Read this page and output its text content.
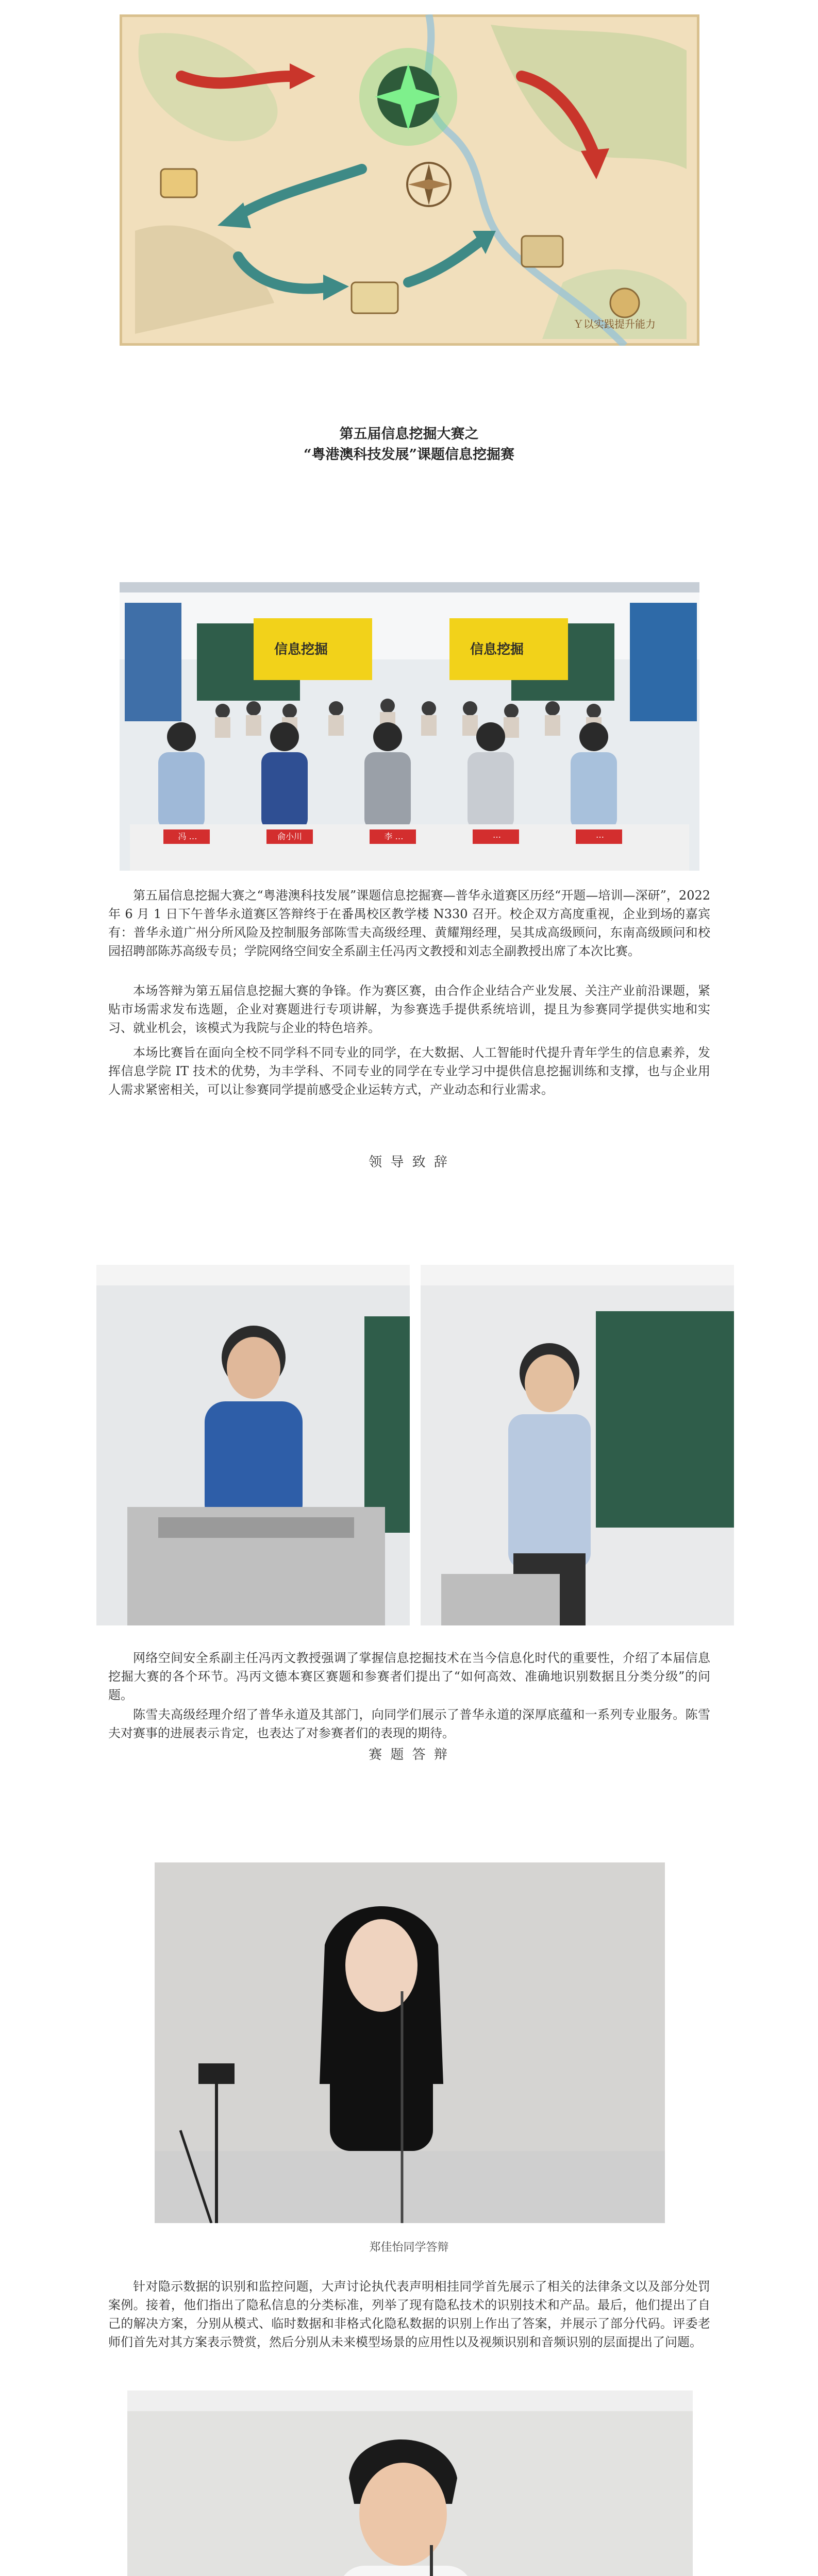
Ｙ以实践提升能力
第五届信息挖掘大赛之
“粤港澳科技发展”课题信息挖掘赛
信息挖掘	信息挖掘
冯 …	俞小川	李 …	…	…
第五届信息挖掘大赛之“粤港澳科技发展”课题信息挖掘赛—普华永道赛区历经“开题—培训—深研”，2022 年 6 月 1 日下午普华永道赛区答辩终于在番禺校区教学楼 N330 召开。校企双方高度重视，企业到场的嘉宾有：普华永道广州分所风险及控制服务部陈雪夫高级经理、黄耀翔经理，吴其成高级顾问，东南高级顾问和校园招聘部陈苏高级专员；学院网络空间安全系副主任冯丙文教授和刘志全副教授出席了本次比赛。
本场答辩为第五届信息挖掘大赛的争锋。作为赛区赛，由合作企业结合产业发展、关注产业前沿课题，紧贴市场需求发布选题，企业对赛题进行专项讲解，为参赛选手提供系统培训，提且为参赛同学提供实地和实习、就业机会，该模式为我院与企业的特色培养。
本场比赛旨在面向全校不同学科不同专业的同学，在大数据、人工智能时代提升青年学生的信息素养，发挥信息学院 IT 技术的优势，为丰学科、不同专业的同学在专业学习中提供信息挖掘训练和支撑，也与企业用人需求紧密相关，可以让参赛同学提前感受企业运转方式，产业动态和行业需求。
领 导 致 辞
网络空间安全系副主任冯丙文教授强调了掌握信息挖掘技术在当今信息化时代的重要性，介绍了本届信息挖掘大赛的各个环节。冯丙文德本赛区赛题和参赛者们提出了“如何高效、准确地识别数据且分类分级”的问题。
陈雪夫高级经理介绍了普华永道及其部门，向同学们展示了普华永道的深厚底蕴和一系列专业服务。陈雪夫对赛事的进展表示肯定，也表达了对参赛者们的表现的期待。
赛 题 答 辩
郑佳怡同学答辩
针对隐示数据的识别和监控问题，大声讨论执代表声明相挂同学首先展示了相关的法律条文以及部分处罚案例。接着，他们指出了隐私信息的分类标准，列举了现有隐私技术的识别技术和产品。最后，他们提出了自己的解决方案，分别从模式、临时数据和非格式化隐私数据的识别上作出了答案，并展示了部分代码。评委老师们首先对其方案表示赞赏，然后分别从未来模型场景的应用性以及视频识别和音频识别的层面提出了问题。
